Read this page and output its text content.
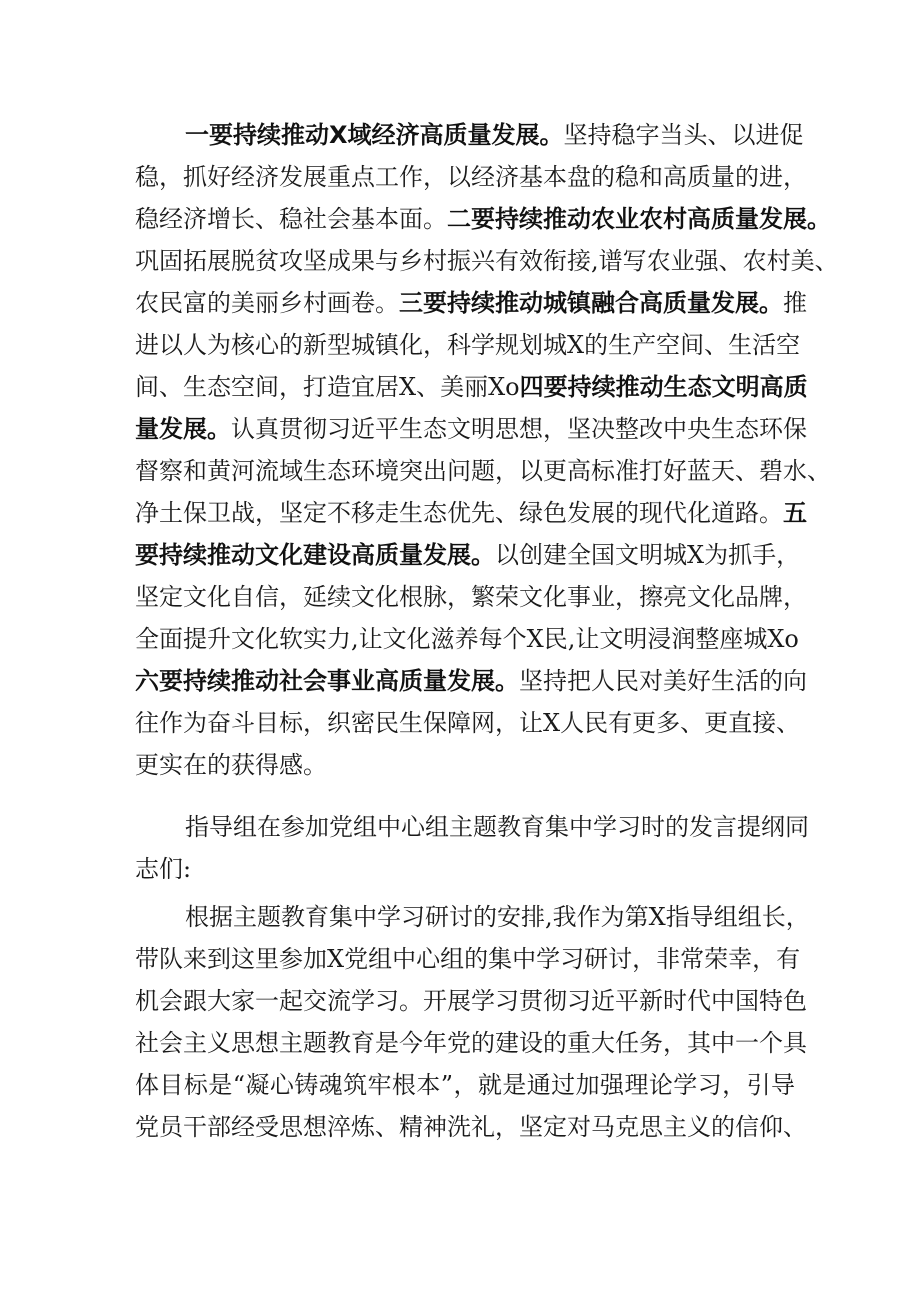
一要持续推动X域经济高质量发展。坚持稳字当头、以进促
稳，抓好经济发展重点工作，以经济基本盘的稳和高质量的进，
稳经济增长、稳社会基本面。二要持续推动农业农村高质量发展。
巩固拓展脱贫攻坚成果与乡村振兴有效衔接,谱写农业强、农村美、
农民富的美丽乡村画卷。三要持续推动城镇融合高质量发展。推
进以人为核心的新型城镇化，科学规划城X的生产空间、生活空
间、生态空间，打造宜居X、美丽Xo四要持续推动生态文明高质
量发展。认真贯彻习近平生态文明思想，坚决整改中央生态环保
督察和黄河流域生态环境突出问题，以更高标准打好蓝天、碧水、
净土保卫战，坚定不移走生态优先、绿色发展的现代化道路。五
要持续推动文化建设高质量发展。以创建全国文明城X为抓手，
坚定文化自信，延续文化根脉，繁荣文化事业，擦亮文化品牌，
全面提升文化软实力,让文化滋养每个X民,让文明浸润整座城Xo
六要持续推动社会事业高质量发展。坚持把人民对美好生活的向
往作为奋斗目标，织密民生保障网，让X人民有更多、更直接、
更实在的获得感。
指导组在参加党组中心组主题教育集中学习时的发言提纲同
志们:
根据主题教育集中学习研讨的安排,我作为第X指导组组长，
带队来到这里参加X党组中心组的集中学习研讨，非常荣幸，有
机会跟大家一起交流学习。开展学习贯彻习近平新时代中国特色
社会主义思想主题教育是今年党的建设的重大任务，其中一个具
体目标是“凝心铸魂筑牢根本”，就是通过加强理论学习，引导
党员干部经受思想淬炼、精神洗礼，坚定对马克思主义的信仰、
